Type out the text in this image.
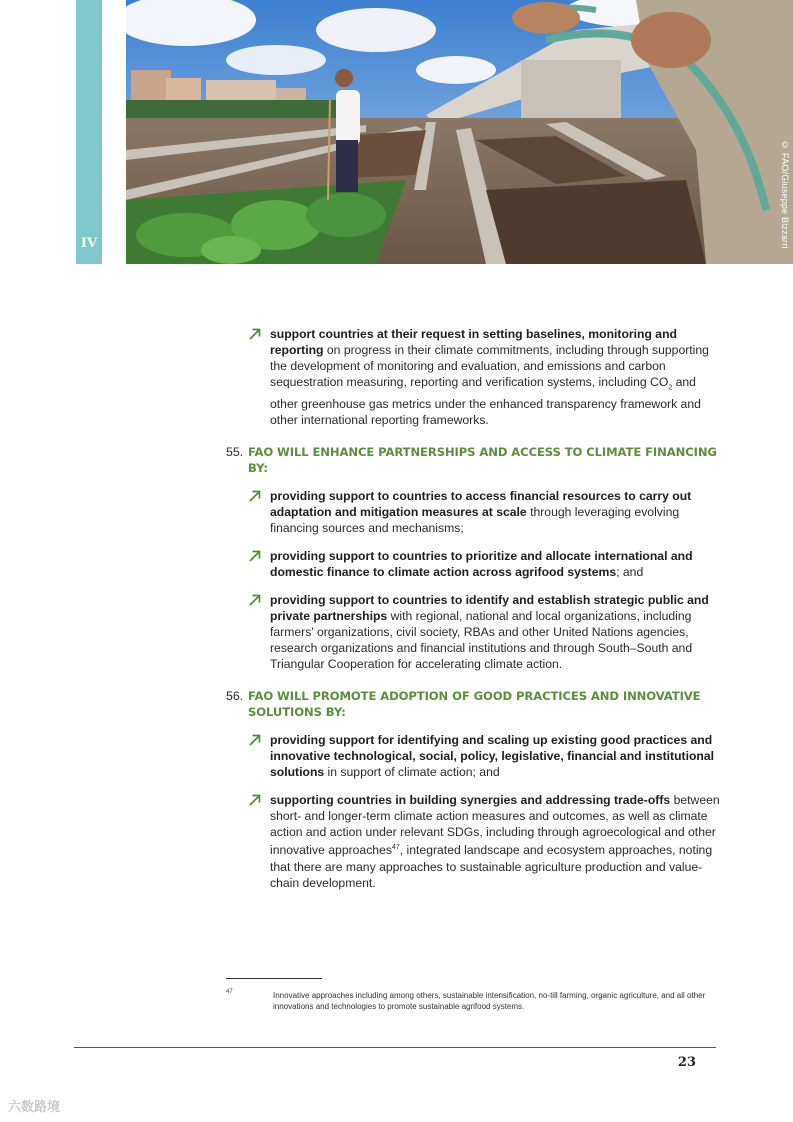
IV	© FAO/Giuseppe Bizzarri
support countries at their request in setting baselines, monitoring and reporting on progress in their climate commitments, including through supporting the development of monitoring and evaluation, and emissions and carbon sequestration measuring, reporting and verification systems, including $CO_2$ and other greenhouse gas metrics under the enhanced transparency framework and other international reporting frameworks.
55. FAO WILL ENHANCE PARTNERSHIPS AND ACCESS TO CLIMATE FINANCING BY:
providing support to countries to access financial resources to carry out adaptation and mitigation measures at scale through leveraging evolving financing sources and mechanisms;
providing support to countries to prioritize and allocate international and domestic finance to climate action across agrifood systems; and
providing support to countries to identify and establish strategic public and private partnerships with regional, national and local organizations, including farmers’ organizations, civil society, RBAs and other United Nations agencies, research organizations and financial institutions and through South–South and Triangular Cooperation for accelerating climate action.
56. FAO WILL PROMOTE ADOPTION OF GOOD PRACTICES AND INNOVATIVE SOLUTIONS BY:
providing support for identifying and scaling up existing good practices and innovative technological, social, policy, legislative, financial and institutional solutions in support of climate action; and
supporting countries in building synergies and addressing trade-offs between short- and longer-term climate action measures and outcomes, as well as climate action and action under relevant SDGs, including through agroecological and other innovative approaches$^{47}$, integrated landscape and ecosystem approaches, noting that there are many approaches to sustainable agriculture production and value-chain development.
47	Innovative approaches including among others, sustainable intensification, no-till farming, organic agriculture, and all other innovations and technologies to promote sustainable agrifood systems.
23
六数路境
